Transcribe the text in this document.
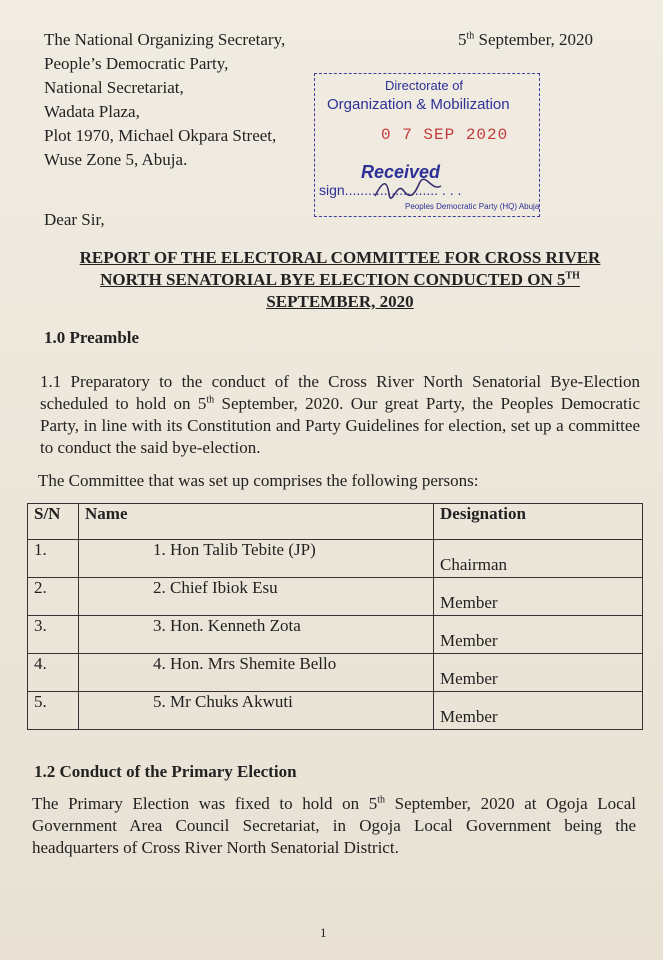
The National Organizing Secretary,
People’s Democratic Party,
National Secretariat,
Wadata Plaza,
Plot 1970, Michael Okpara Street,
Wuse Zone 5, Abuja.
5th September, 2020
Directorate of
Organization & Mobilization
0 7 SEP 2020
Received
sign........................ . . .
Peoples Democratic Party (HQ) Abuja
Dear Sir,
REPORT OF THE ELECTORAL COMMITTEE FOR CROSS RIVER
NORTH SENATORIAL BYE ELECTION CONDUCTED ON 5TH
SEPTEMBER, 2020
1.0 Preamble
1.1 Preparatory to the conduct of the Cross River North Senatorial Bye-Election scheduled to hold on 5th September, 2020. Our great Party, the Peoples Democratic Party, in line with its Constitution and Party Guidelines for election, set up a committee to conduct the said bye-election.
The Committee that was set up comprises the following persons:
S/N	Name	Designation
1.	1. Hon Talib Tebite (JP)	Chairman
2.	2. Chief Ibiok Esu	Member
3.	3. Hon. Kenneth Zota	Member
4.	4. Hon. Mrs Shemite Bello	Member
5.	5. Mr Chuks Akwuti	Member
1.2 Conduct of the Primary Election
The Primary Election was fixed to hold on 5th September, 2020 at Ogoja Local Government Area Council Secretariat, in Ogoja Local Government being the headquarters of Cross River North Senatorial District.
1
